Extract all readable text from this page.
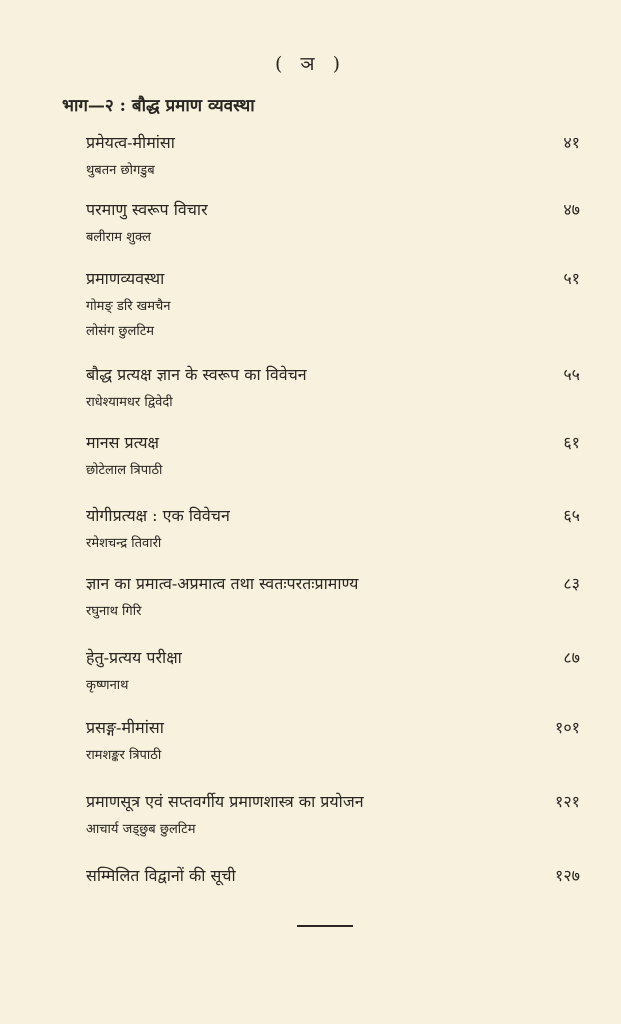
( ञ )
भाग—२ : बौद्ध प्रमाण व्यवस्था
प्रमेयत्व-मीमांसा	४१
थुबतन छोगडुब
परमाणु स्वरूप विचार	४७
बलीराम शुक्ल
प्रमाणव्यवस्था	५१
गोमङ् डरि खमचैन
लोसंग छुलटिम
बौद्ध प्रत्यक्ष ज्ञान के स्वरूप का विवेचन	५५
राधेश्यामधर द्विवेदी
मानस प्रत्यक्ष	६१
छोटेलाल त्रिपाठी
योगीप्रत्यक्ष : एक विवेचन	६५
रमेशचन्द्र तिवारी
ज्ञान का प्रमात्व-अप्रमात्व तथा स्वतःपरतःप्रामाण्य	८३
रघुनाथ गिरि
हेतु-प्रत्यय परीक्षा	८७
कृष्णनाथ
प्रसङ्ग-मीमांसा	१०१
रामशङ्कर त्रिपाठी
प्रमाणसूत्र एवं सप्तवर्गीय प्रमाणशास्त्र का प्रयोजन	१२१
आचार्य जड्छुब छुलटिम
सम्मिलित विद्वानों की सूची	१२७
